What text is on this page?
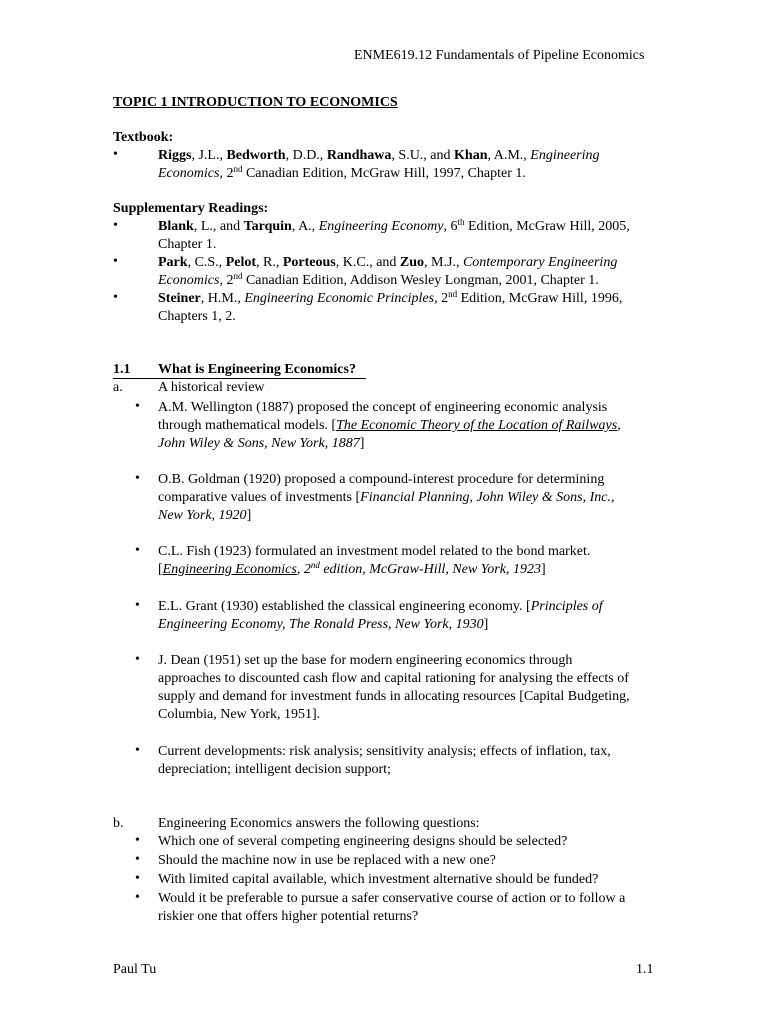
ENME619.12 Fundamentals of Pipeline Economics
TOPIC 1 INTRODUCTION TO ECONOMICS
Textbook:
•	Riggs, J.L., Bedworth, D.D., Randhawa, S.U., and Khan, A.M., Engineering
Economics, 2nd Canadian Edition, McGraw Hill, 1997, Chapter 1.
Supplementary Readings:
•	Blank, L., and Tarquin, A., Engineering Economy, 6th Edition, McGraw Hill, 2005,
Chapter 1.
•	Park, C.S., Pelot, R., Porteous, K.C., and Zuo, M.J., Contemporary Engineering
Economics, 2nd Canadian Edition, Addison Wesley Longman, 2001, Chapter 1.
•	Steiner, H.M., Engineering Economic Principles, 2nd Edition, McGraw Hill, 1996,
Chapters 1, 2.
1.1 What is Engineering Economics?
a.	A historical review
• A.M. Wellington (1887) proposed the concept of engineering economic analysis
through mathematical models. [The Economic Theory of the Location of Railways,
John Wiley & Sons, New York, 1887]
• O.B. Goldman (1920) proposed a compound-interest procedure for determining
comparative values of investments [Financial Planning, John Wiley & Sons, Inc.,
New York, 1920]
• C.L. Fish (1923) formulated an investment model related to the bond market.
[Engineering Economics, 2nd edition, McGraw-Hill, New York, 1923]
• E.L. Grant (1930) established the classical engineering economy. [Principles of
Engineering Economy, The Ronald Press, New York, 1930]
• J. Dean (1951) set up the base for modern engineering economics through
approaches to discounted cash flow and capital rationing for analysing the effects of
supply and demand for investment funds in allocating resources [Capital Budgeting,
Columbia, New York, 1951].
• Current developments: risk analysis; sensitivity analysis; effects of inflation, tax,
depreciation; intelligent decision support;
b. Engineering Economics answers the following questions:
• Which one of several competing engineering designs should be selected?
• Should the machine now in use be replaced with a new one?
• With limited capital available, which investment alternative should be funded?
• Would it be preferable to pursue a safer conservative course of action or to follow a
riskier one that offers higher potential returns?
Paul Tu	1.1
